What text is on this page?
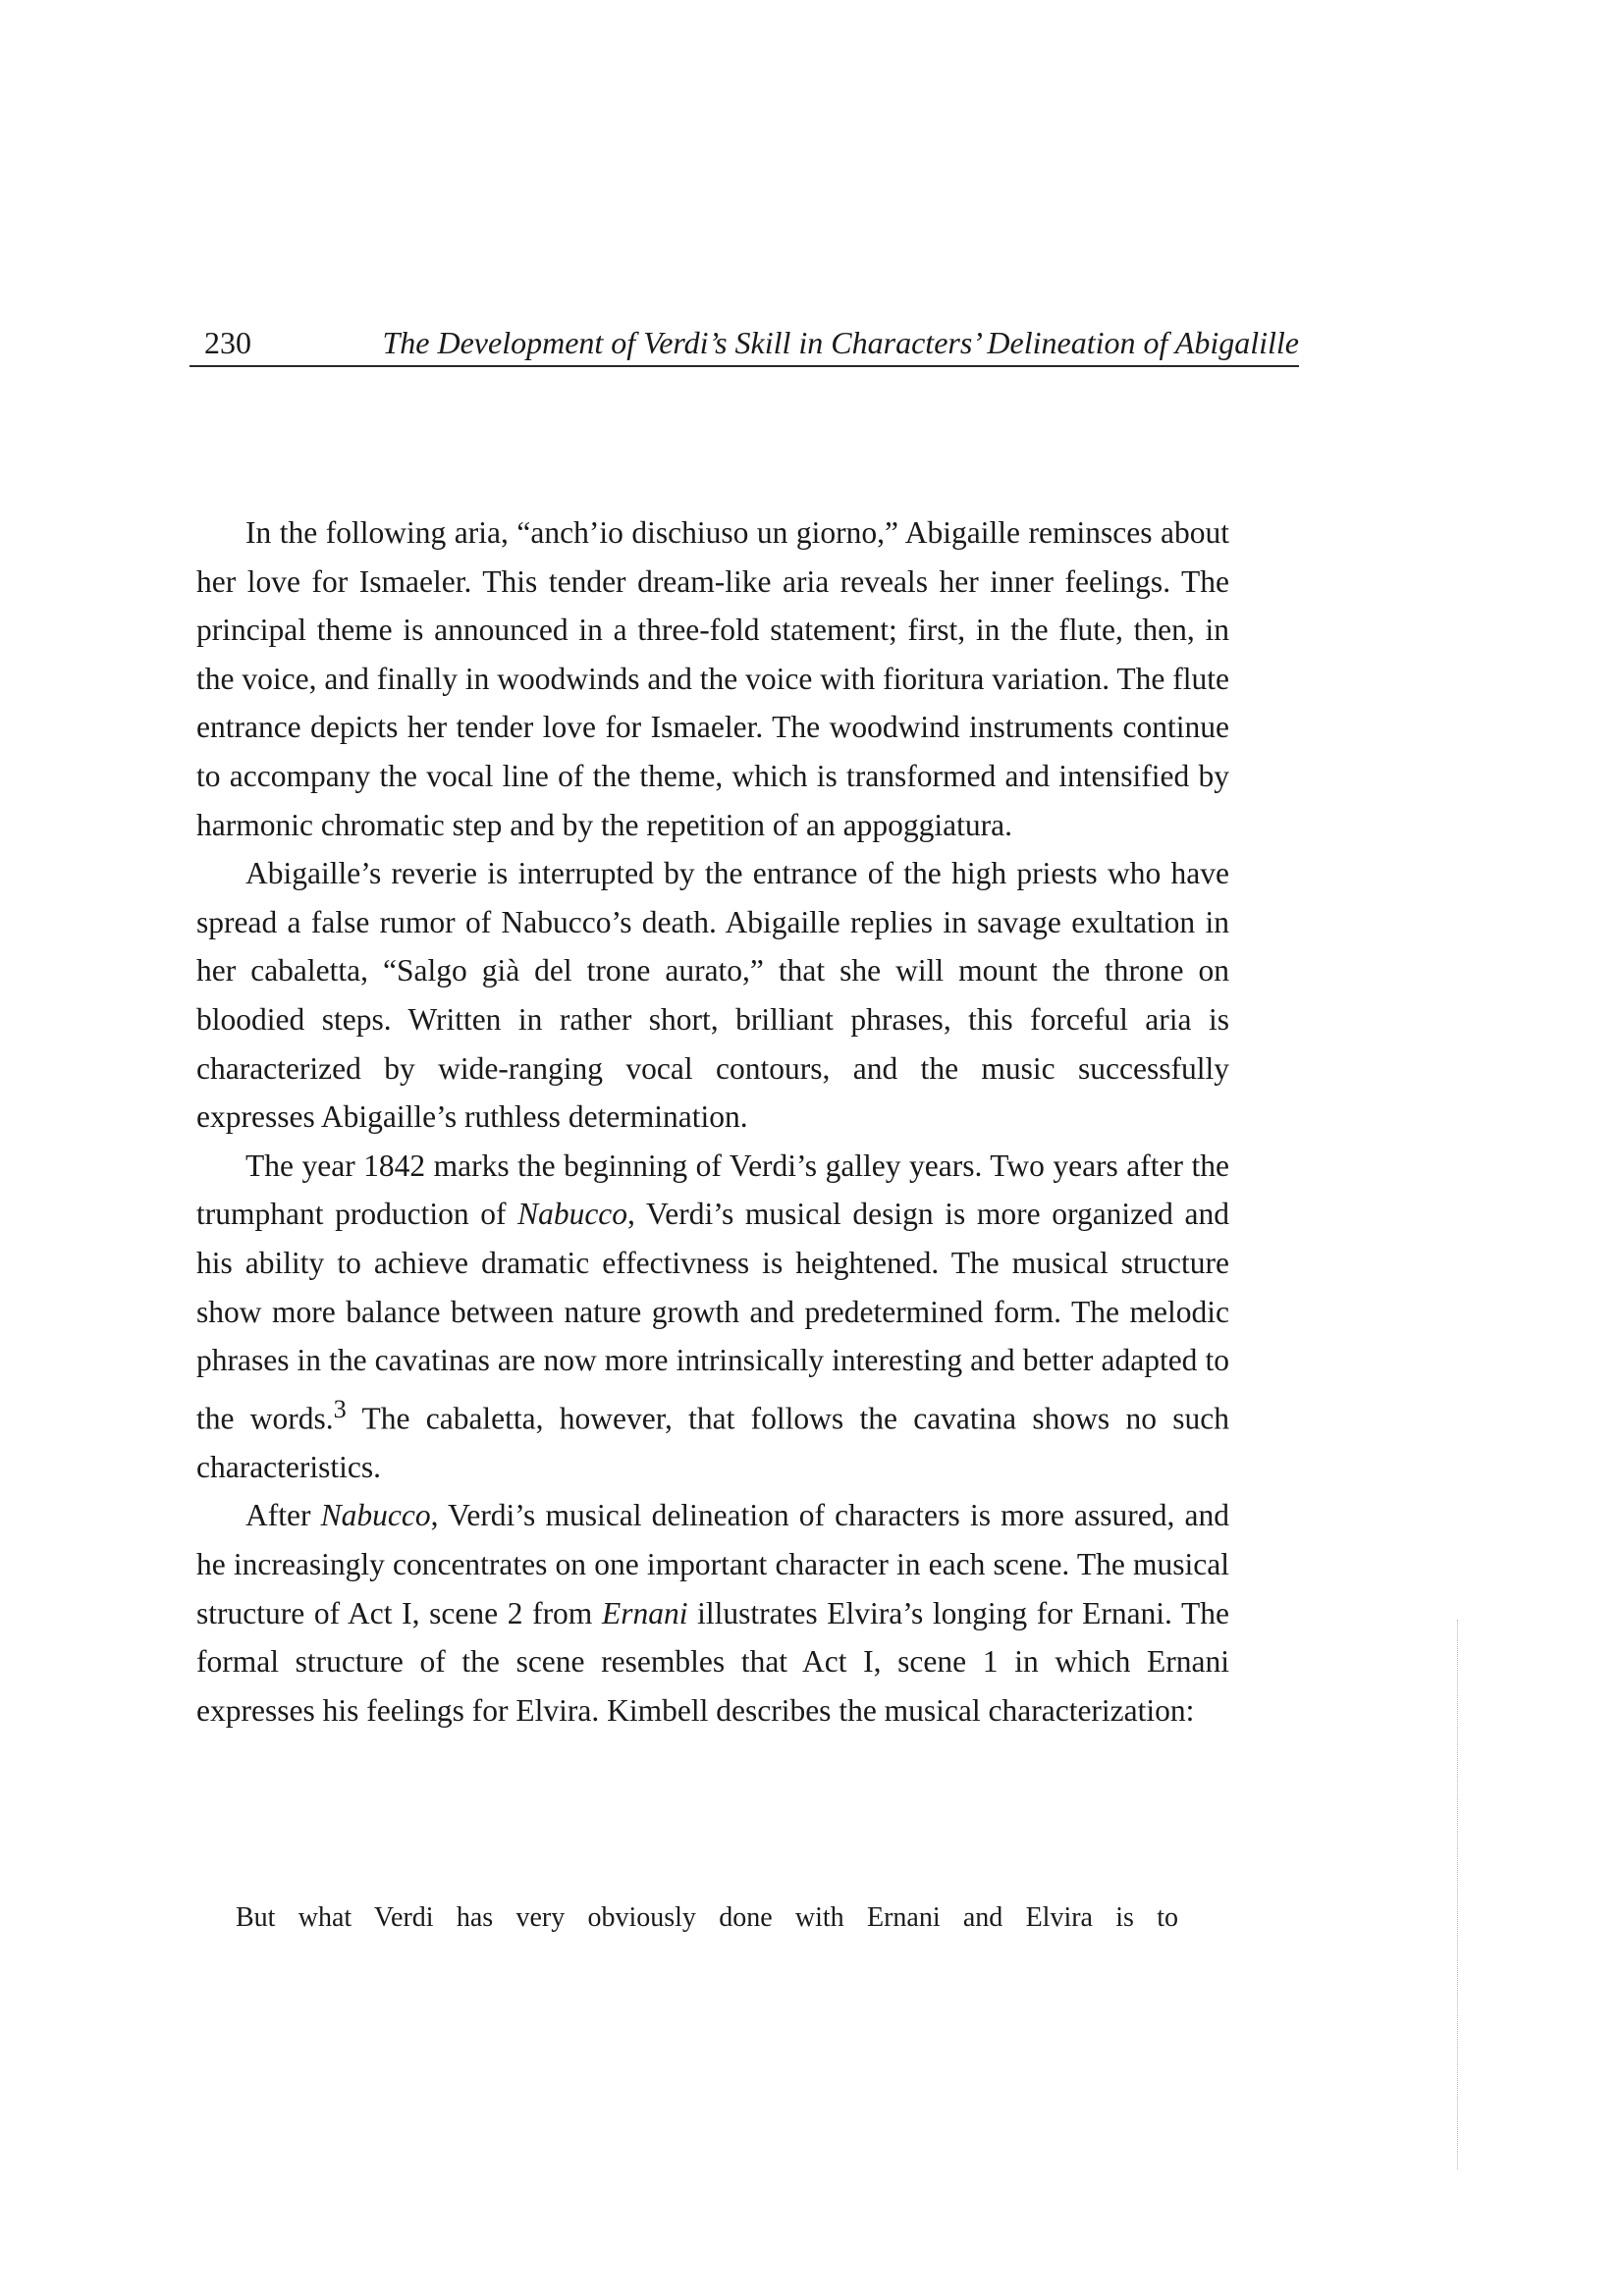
230	The Development of Verdi’s Skill in Characters’ Delineation of Abigalille

In the following aria, “anch’io dischiuso un giorno,” Abigaille reminsces about her love for Ismaeler. This tender dream-like aria reveals her inner feelings. The principal theme is announced in a three-fold statement; first, in the flute, then, in the voice, and finally in woodwinds and the voice with fioritura variation. The flute entrance depicts her tender love for Ismaeler. The woodwind instruments continue to accompany the vocal line of the theme, which is transformed and intensified by harmonic chromatic step and by the repetition of an appoggiatura.

Abigaille’s reverie is interrupted by the entrance of the high priests who have spread a false rumor of Nabucco’s death. Abigaille replies in savage exultation in her cabaletta, “Salgo già del trone aurato,” that she will mount the throne on bloodied steps. Written in rather short, brilliant phrases, this forceful aria is characterized by wide-ranging vocal contours, and the music successfully expresses Abigaille’s ruthless determination.

The year 1842 marks the beginning of Verdi’s galley years. Two years after the trumphant production of Nabucco, Verdi’s musical design is more organized and his ability to achieve dramatic effectivness is heightened. The musical structure show more balance between nature growth and predetermined form. The melodic phrases in the cavatinas are now more intrinsically interesting and better adapted to the words.$^3$ The cabaletta, however, that follows the cavatina shows no such characteristics.

After Nabucco, Verdi’s musical delineation of characters is more assured, and he increasingly concentrates on one important character in each scene. The musical structure of Act I, scene 2 from Ernani illustrates Elvira’s longing for Ernani. The formal structure of the scene resembles that Act I, scene 1 in which Ernani expresses his feelings for Elvira. Kimbell describes the musical characterization:

But what Verdi has very obviously done with Ernani and Elvira is to
